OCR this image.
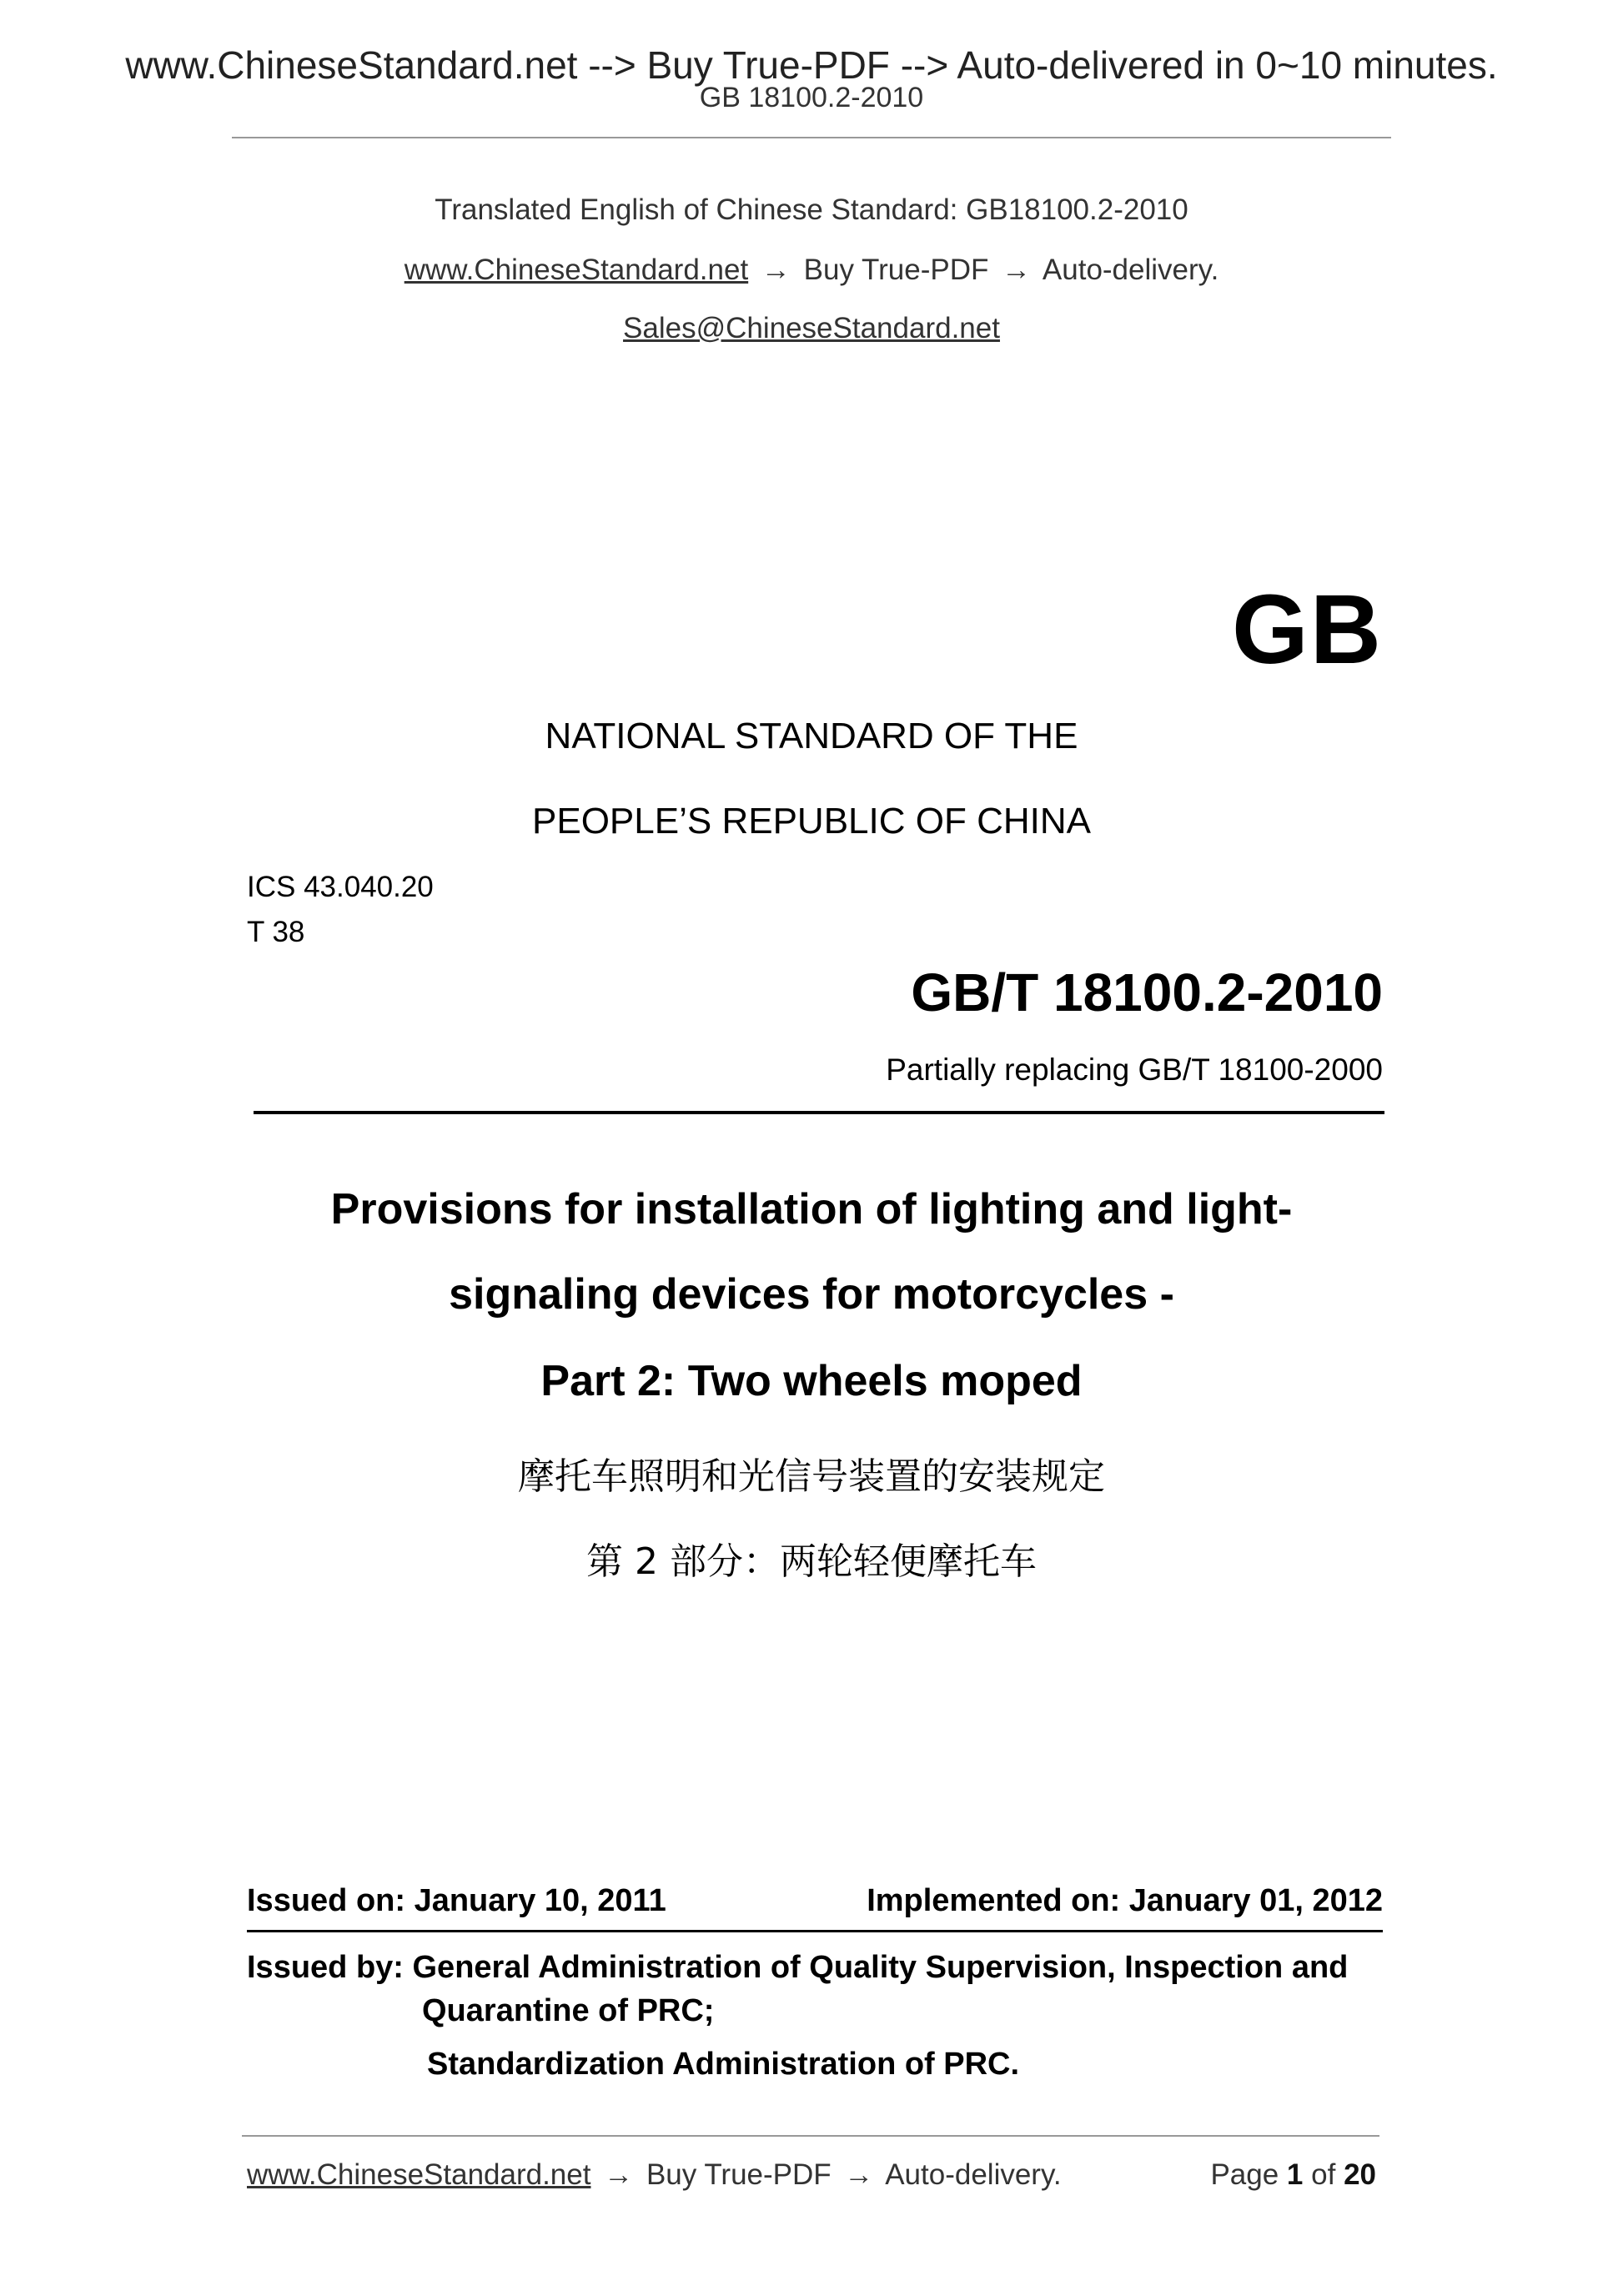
www.ChineseStandard.net --> Buy True-PDF --> Auto-delivered in 0~10 minutes.
GB 18100.2-2010
Translated English of Chinese Standard: GB18100.2-2010
www.ChineseStandard.net → Buy True-PDF → Auto-delivery.
Sales@ChineseStandard.net
GB
NATIONAL STANDARD OF THE
PEOPLE’S REPUBLIC OF CHINA
ICS 43.040.20
T 38
GB/T 18100.2-2010
Partially replacing GB/T 18100-2000
Provisions for installation of lighting and light-
signaling devices for motorcycles -
Part 2: Two wheels moped
摩托车照明和光信号装置的安装规定
第 2 部分：两轮轻便摩托车
Issued on: January 10, 2011	Implemented on: January 01, 2012
Issued by: General Administration of Quality Supervision, Inspection and
Quarantine of PRC;
Standardization Administration of PRC.
www.ChineseStandard.net → Buy True-PDF → Auto-delivery.	Page 1 of 20
